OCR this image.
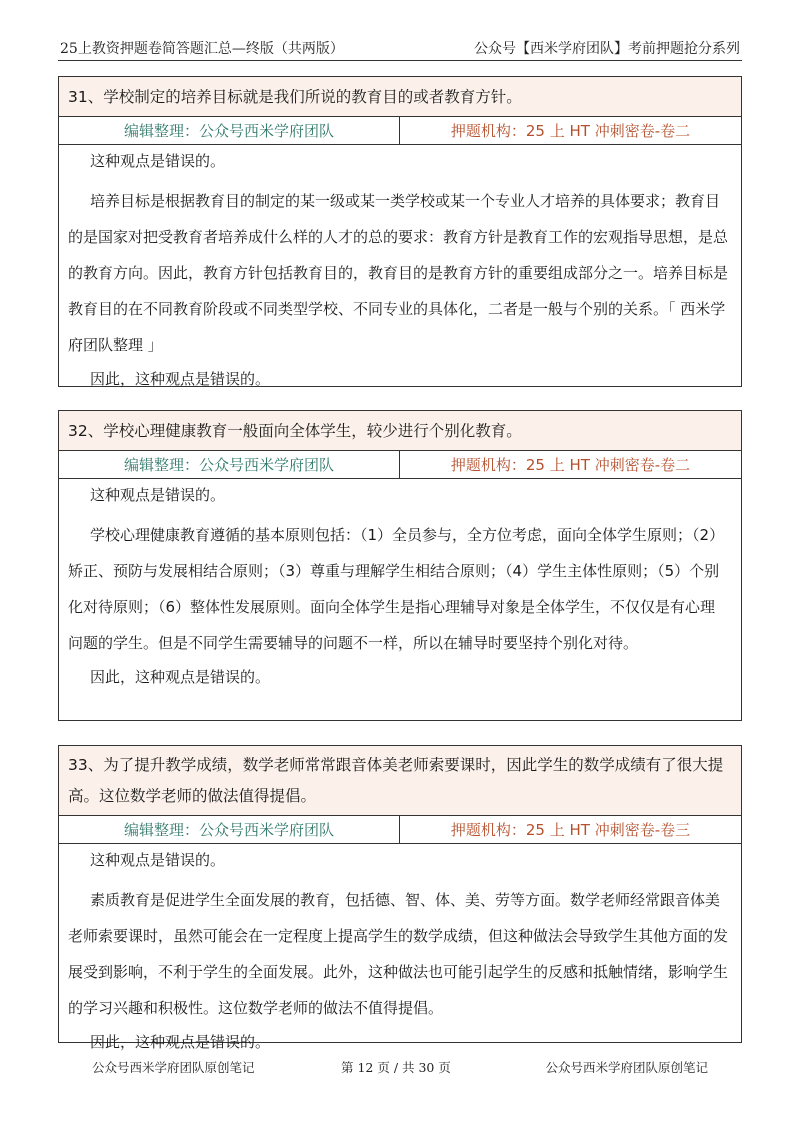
25上教资押题卷简答题汇总—终版（共两版）	公众号【西米学府团队】考前押题抢分系列
31、学校制定的培养目标就是我们所说的教育目的或者教育方针。
编辑整理：公众号西米学府团队	押题机构：25 上 HT 冲刺密卷-卷二

这种观点是错误的。

培养目标是根据教育目的制定的某一级或某一类学校或某一个专业人才培养的具体要求；教育目的是国家对把受教育者培养成什么样的人才的总的要求：教育方针是教育工作的宏观指导思想，是总的教育方向。因此，教育方针包括教育目的，教育目的是教育方针的重要组成部分之一。培养目标是教育目的在不同教育阶段或不同类型学校、不同专业的具体化，二者是一般与个别的关系。「 西米学府团队整理 」

因此，这种观点是错误的。

32、学校心理健康教育一般面向全体学生，较少进行个别化教育。
编辑整理：公众号西米学府团队	押题机构：25 上 HT 冲刺密卷-卷二

这种观点是错误的。

学校心理健康教育遵循的基本原则包括：（1）全员参与，全方位考虑，面向全体学生原则；（2）矫正、预防与发展相结合原则；（3）尊重与理解学生相结合原则；（4）学生主体性原则；（5）个别化对待原则；（6）整体性发展原则。面向全体学生是指心理辅导对象是全体学生，不仅仅是有心理问题的学生。但是不同学生需要辅导的问题不一样，所以在辅导时要坚持个别化对待。

因此，这种观点是错误的。

33、为了提升教学成绩，数学老师常常跟音体美老师索要课时，因此学生的数学成绩有了很大提高。这位数学老师的做法值得提倡。
编辑整理：公众号西米学府团队	押题机构：25 上 HT 冲刺密卷-卷三

这种观点是错误的。

素质教育是促进学生全面发展的教育，包括德、智、体、美、劳等方面。数学老师经常跟音体美老师索要课时，虽然可能会在一定程度上提高学生的数学成绩，但这种做法会导致学生其他方面的发展受到影响，不利于学生的全面发展。此外，这种做法也可能引起学生的反感和抵触情绪，影响学生的学习兴趣和积极性。这位数学老师的做法不值得提倡。

因此，这种观点是错误的。

公众号西米学府团队原创笔记	第 12 页 / 共 30 页	公众号西米学府团队原创笔记
